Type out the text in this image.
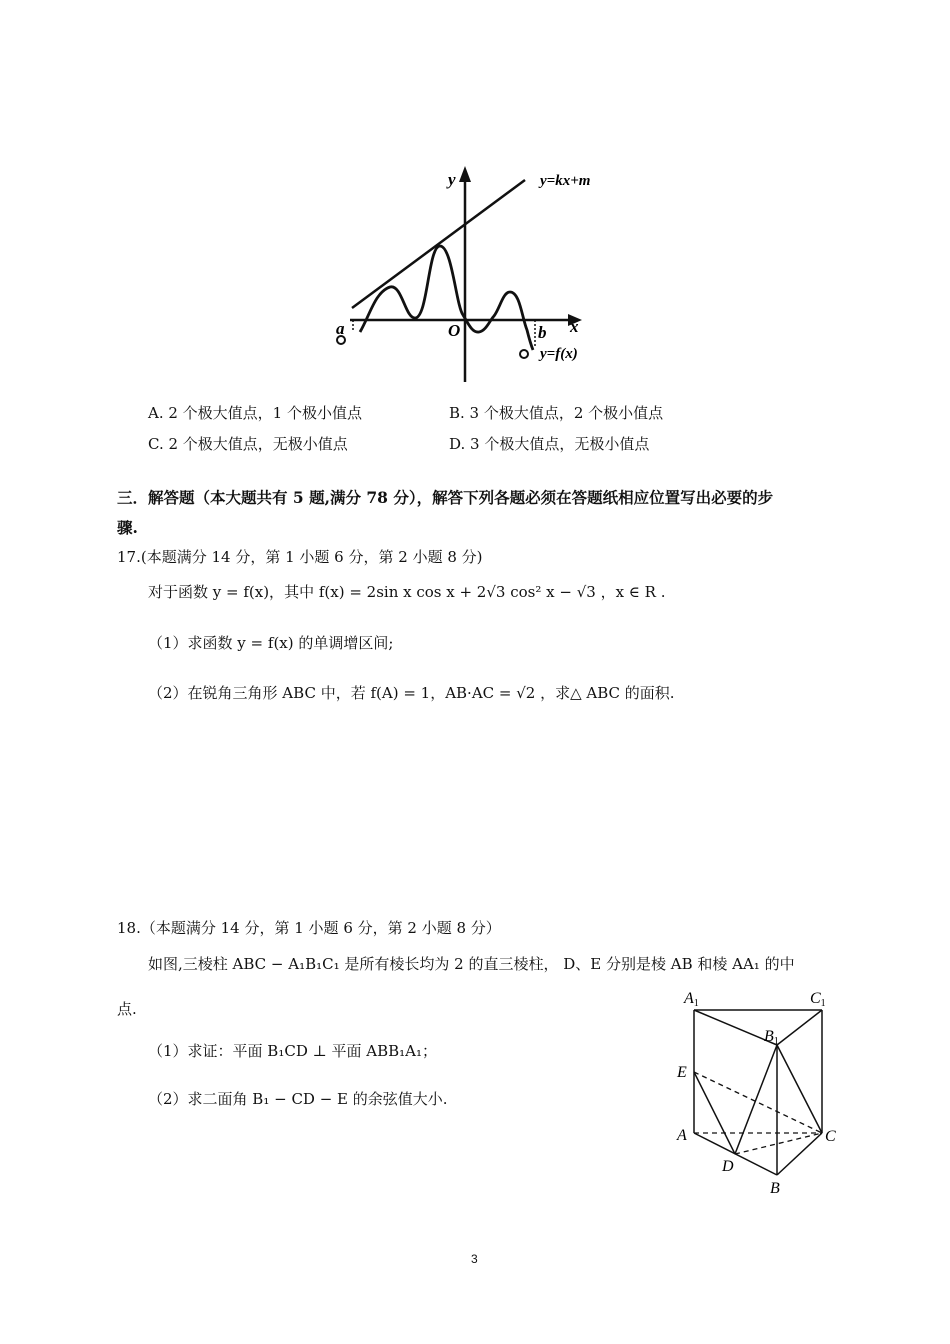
y
x
y=kx+m
y=f(x)
O
a	b
A. 2 个极大值点，1 个极小值点	B. 3 个极大值点，2 个极小值点
C. 2 个极大值点，无极小值点	D. 3 个极大值点，无极小值点
三．解答题（本大题共有 5 题,满分 78 分），解答下列各题必须在答题纸相应位置写出必要的步
骤.
17.(本题满分 14 分，第 1 小题 6 分，第 2 小题 8 分)
对于函数 y = f(x)，其中 f(x) = 2sin x cos x + 2√3 cos² x − √3 ，x ∈ R .
（1）求函数 y = f(x) 的单调增区间;
（2）在锐角三角形 ABC 中，若 f(A) = 1，AB·AC = √2 ，求△ ABC 的面积.
18.（本题满分 14 分，第 1 小题 6 分，第 2 小题 8 分）
如图,三棱柱 ABC − A₁B₁C₁ 是所有棱长均为 2 的直三棱柱， D、E 分别是棱 AB 和棱 AA₁ 的中
点.
（1）求证：平面 B₁CD ⊥ 平面 ABB₁A₁；
（2）求二面角 B₁ − CD − E 的余弦值大小.
A1	C1
B1
E
A	C
D
B
3
